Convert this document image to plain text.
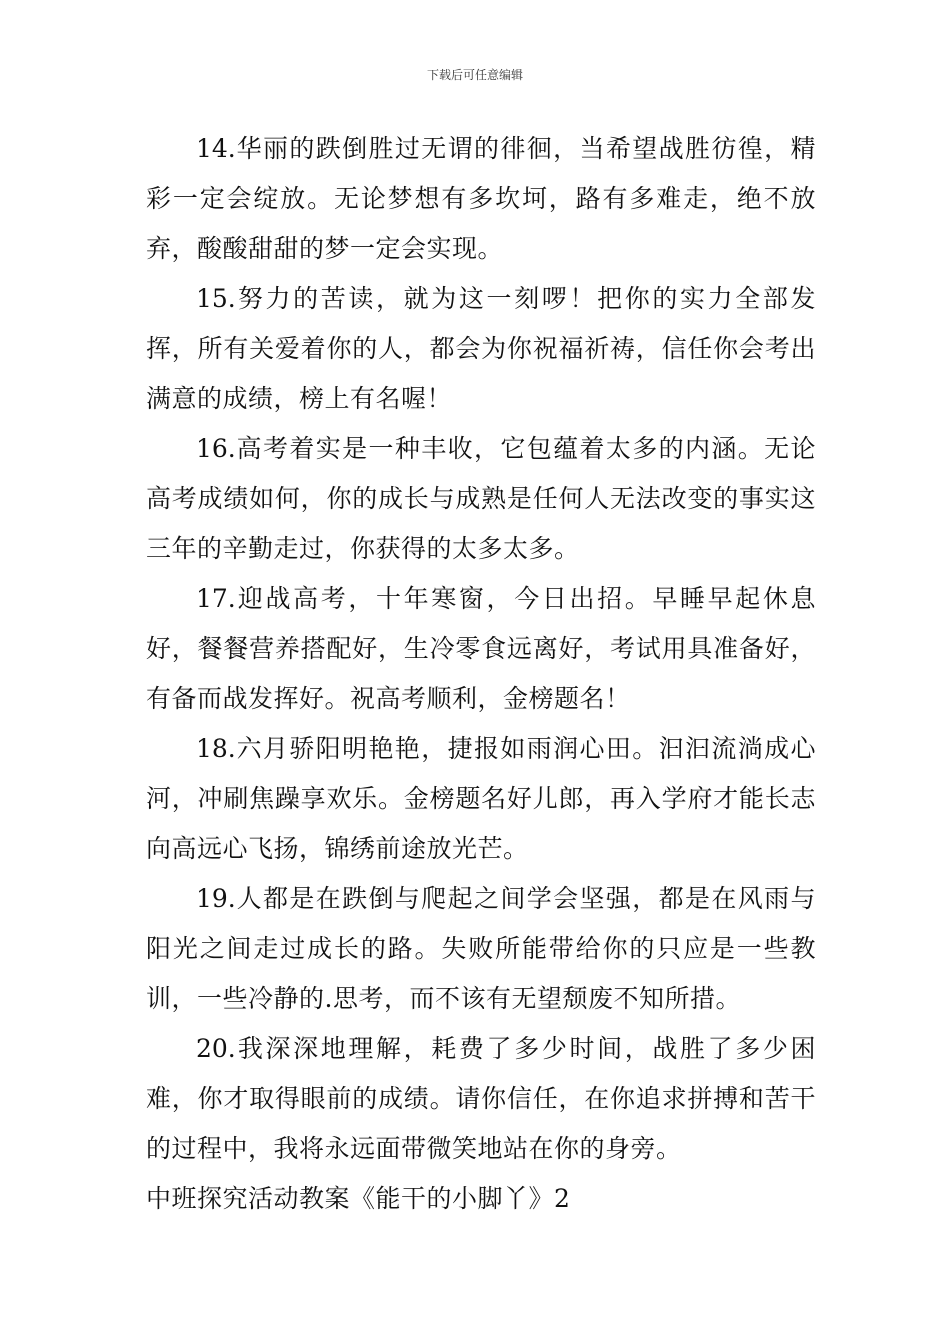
下载后可任意编辑

14.华丽的跌倒胜过无谓的徘徊，当希望战胜彷徨，精彩一定会绽放。无论梦想有多坎坷，路有多难走，绝不放弃，酸酸甜甜的梦一定会实现。

15.努力的苦读，就为这一刻啰！把你的实力全部发挥，所有关爱着你的人，都会为你祝福祈祷，信任你会考出满意的成绩，榜上有名喔！

16.高考着实是一种丰收，它包蕴着太多的内涵。无论高考成绩如何，你的成长与成熟是任何人无法改变的事实这三年的辛勤走过，你获得的太多太多。

17.迎战高考，十年寒窗，今日出招。早睡早起休息好，餐餐营养搭配好，生冷零食远离好，考试用具准备好，有备而战发挥好。祝高考顺利，金榜题名！

18.六月骄阳明艳艳，捷报如雨润心田。汩汩流淌成心河，冲刷焦躁享欢乐。金榜题名好儿郎，再入学府才能长志向高远心飞扬，锦绣前途放光芒。

19.人都是在跌倒与爬起之间学会坚强，都是在风雨与阳光之间走过成长的路。失败所能带给你的只应是一些教训，一些冷静的.思考，而不该有无望颓废不知所措。

20.我深深地理解，耗费了多少时间，战胜了多少困难，你才取得眼前的成绩。请你信任，在你追求拼搏和苦干的过程中，我将永远面带微笑地站在你的身旁。

中班探究活动教案《能干的小脚丫》2
